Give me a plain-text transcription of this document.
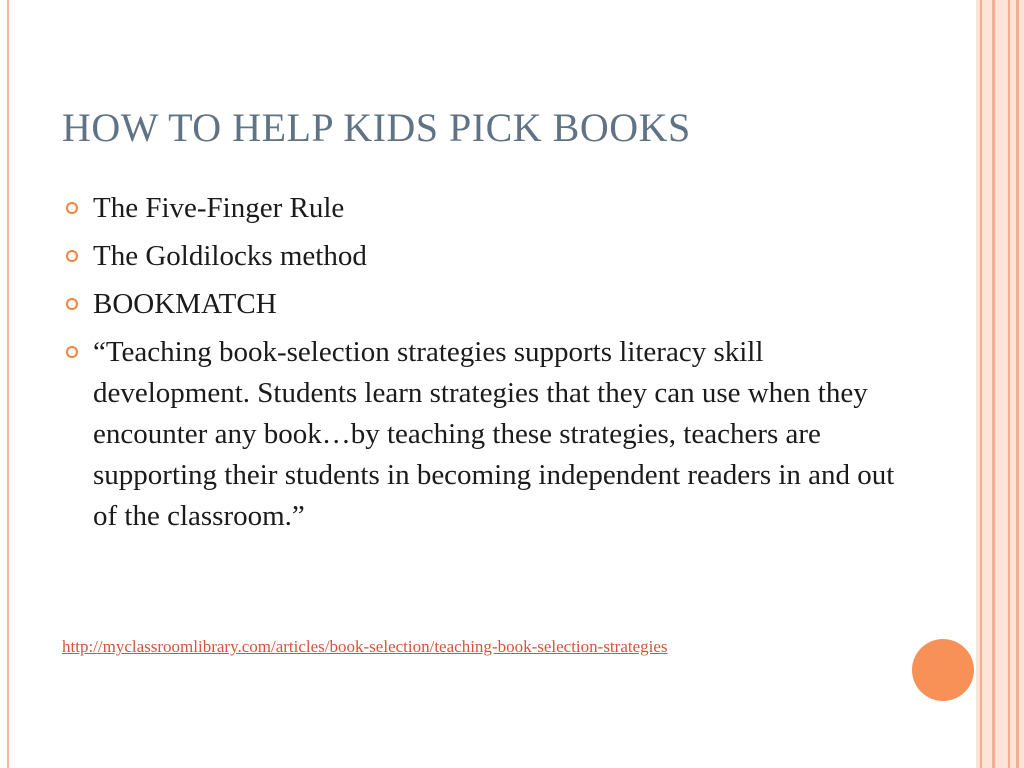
HOW TO HELP KIDS PICK BOOKS
The Five-Finger Rule
The Goldilocks method
BOOKMATCH
“Teaching book-selection strategies supports literacy skill development. Students learn strategies that they can use when they encounter any book…by teaching these strategies, teachers are supporting their students in becoming independent readers in and out of the classroom.”
http://myclassroomlibrary.com/articles/book-selection/teaching-book-selection-strategies
